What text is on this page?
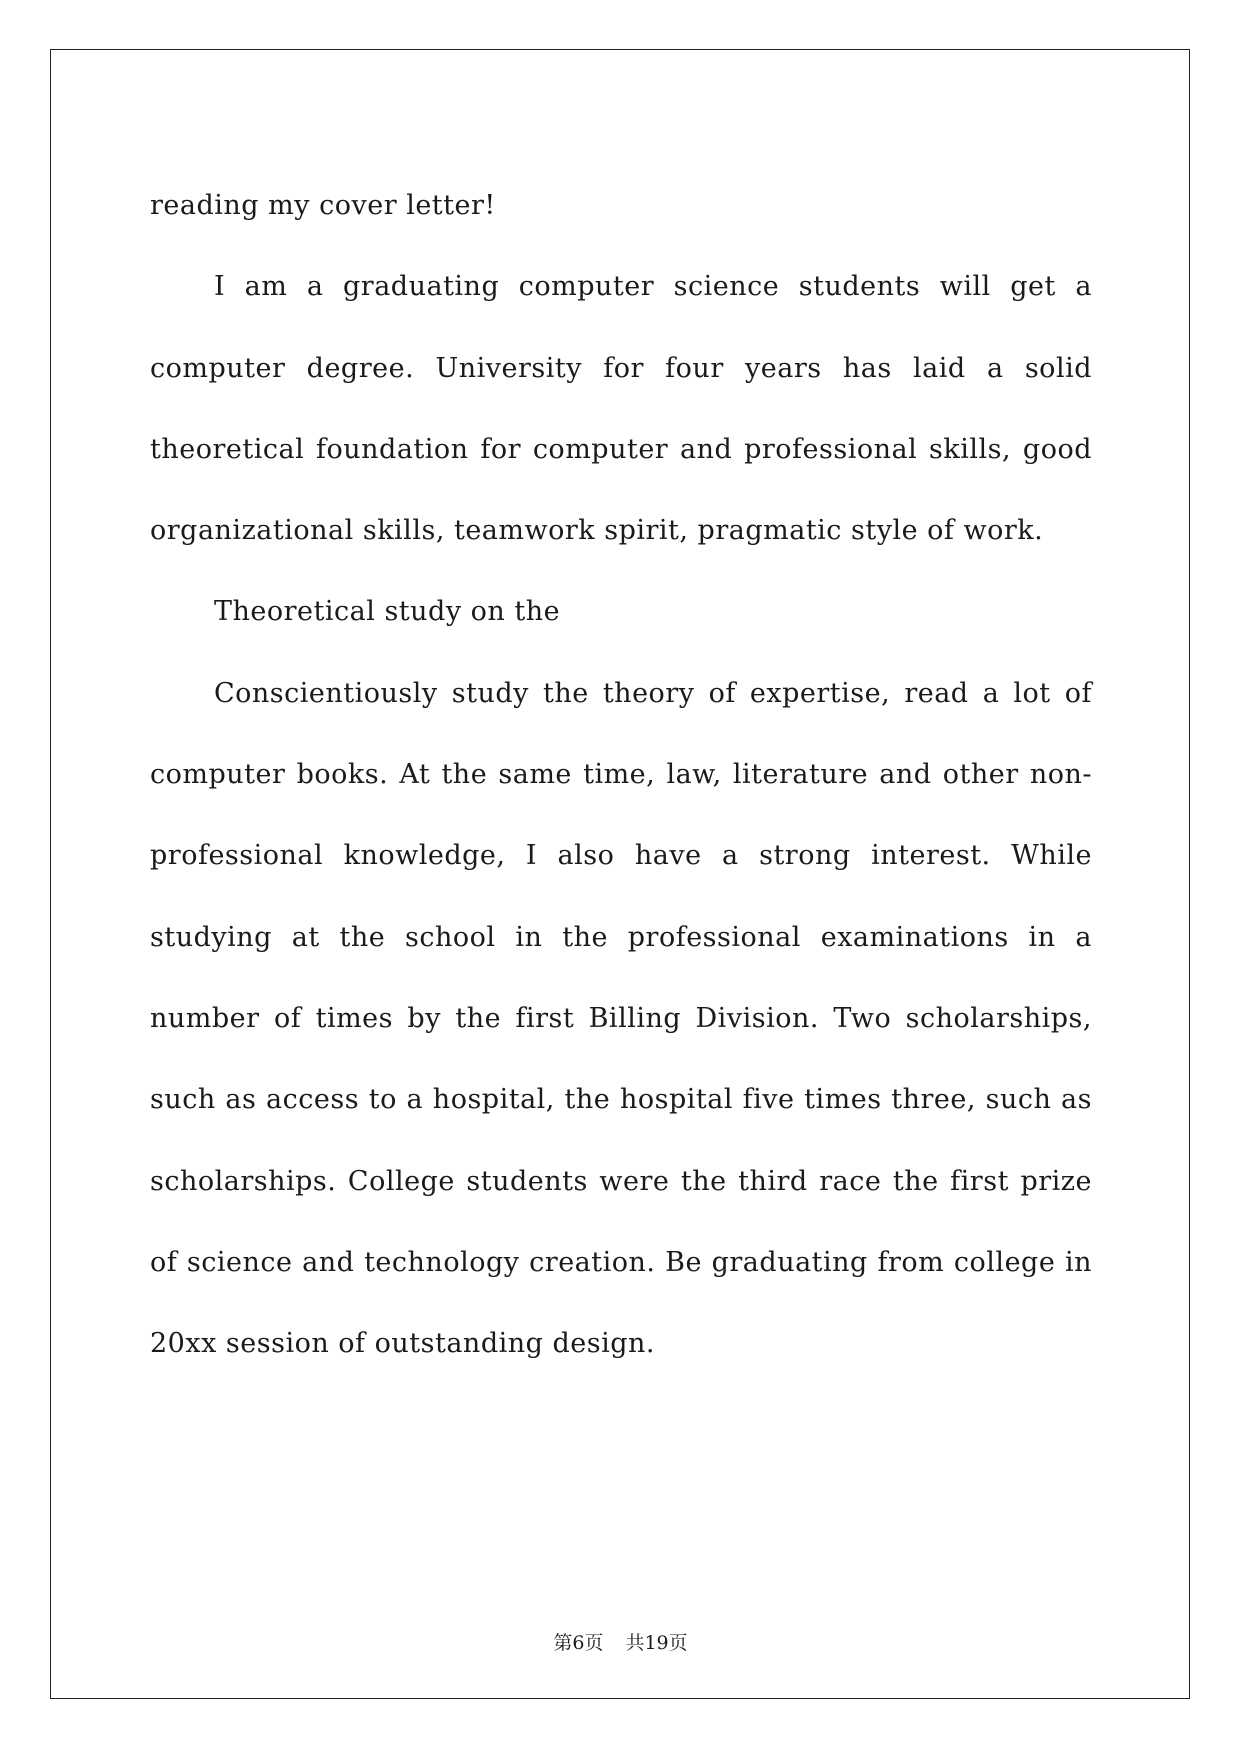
reading my cover letter!

I am a graduating computer science students will get a computer degree. University for four years has laid a solid theoretical foundation for computer and professional skills, good organizational skills, teamwork spirit, pragmatic style of work.

Theoretical study on the

Conscientiously study the theory of expertise, read a lot of computer books. At the same time, law, literature and other non-professional knowledge, I also have a strong interest. While studying at the school in the professional examinations in a number of times by the first Billing Division. Two scholarships, such as access to a hospital, the hospital five times three, such as scholarships. College students were the third race the first prize of science and technology creation. Be graduating from college in 20xx session of outstanding design.

第6页 共19页
